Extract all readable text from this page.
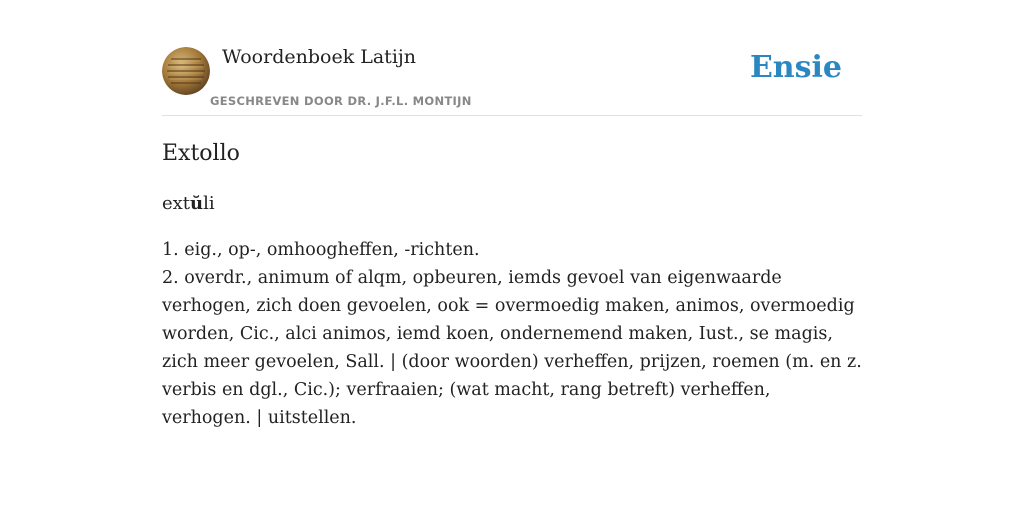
Woordenboek Latijn
GESCHREVEN DOOR DR. J.F.L. MONTIJN
Ensie
Extollo
extŭli

1. eig., op-, omhoogheffen, -richten.

2. overdr., animum of alqm, opbeuren, iemds gevoel van eigenwaarde verhogen, zich doen gevoelen, ook = overmoedig maken, animos, overmoedig worden, Cic., alci animos, iemd koen, ondernemend maken, Iust., se magis, zich meer gevoelen, Sall. | (door woorden) verheffen, prijzen, roemen (m. en z. verbis en dgl., Cic.); verfraaien; (wat macht, rang betreft) verheffen, verhogen. | uitstellen.
